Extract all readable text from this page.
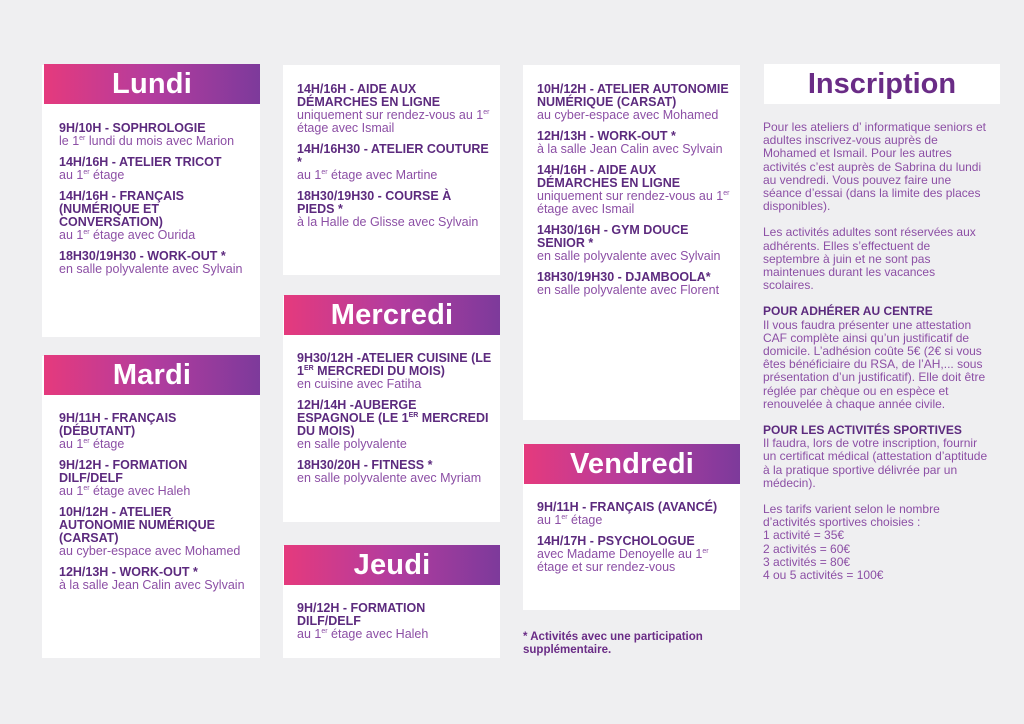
Lundi
9H/10H - SOPHROLOGIE
le 1er lundi du mois avec Marion
14H/16H - ATELIER TRICOT
au 1er étage
14H/16H - FRANÇAIS (NUMÉRIQUE ET CONVERSATION)
au 1er étage avec Ourida
18H30/19H30 - WORK-OUT *
en salle polyvalente avec Sylvain
Mardi
9H/11H - FRANÇAIS (DÉBUTANT)
au 1er étage
9H/12H - FORMATION DILF/DELF
au 1er étage avec Haleh
10H/12H - ATELIER AUTONOMIE NUMÉRIQUE (CARSAT)
au cyber-espace avec Mohamed
12H/13H - WORK-OUT *
à la salle Jean Calin avec Sylvain
14H/16H - AIDE AUX DÉMARCHES EN LIGNE
uniquement sur rendez-vous au 1er étage avec Ismail
14H/16H30 - ATELIER COUTURE *
au 1er étage avec Martine
18H30/19H30 - COURSE À PIEDS *
à la Halle de Glisse avec Sylvain
Mercredi
9H30/12H -ATELIER CUISINE (LE 1ER MERCREDI DU MOIS)
en cuisine avec Fatiha
12H/14H -AUBERGE ESPAGNOLE (LE 1ER MERCREDI DU MOIS)
en salle polyvalente
18H30/20H - FITNESS *
en salle polyvalente avec Myriam
Jeudi
9H/12H - FORMATION DILF/DELF
au 1er étage avec Haleh
10H/12H - ATELIER AUTONOMIE NUMÉRIQUE (CARSAT)
au cyber-espace avec Mohamed
12H/13H - WORK-OUT *
à la salle Jean Calin avec Sylvain
14H/16H - AIDE AUX DÉMARCHES EN LIGNE
uniquement sur rendez-vous au 1er étage avec Ismail
14H30/16H - GYM DOUCE SENIOR *
en salle polyvalente avec Sylvain
18H30/19H30 - DJAMBOOLA*
en salle polyvalente avec Florent
Vendredi
9H/11H - FRANÇAIS (AVANCÉ)
au 1er étage
14H/17H - PSYCHOLOGUE
avec Madame Denoyelle au 1er étage et sur rendez-vous
* Activités avec une participation supplémentaire.
Inscription

Pour les ateliers d’ informatique seniors et adultes inscrivez-vous auprès de Mohamed et Ismail. Pour les autres activités c’est auprès de Sabrina du lundi au vendredi. Vous pouvez faire une séance d’essai (dans la limite des places disponibles).

Les activités adultes sont réservées aux adhérents. Elles s’effectuent de septembre à juin et ne sont pas maintenues durant les vacances scolaires.

POUR ADHÉRER AU CENTRE
Il vous faudra présenter une attestation CAF complète ainsi qu’un justificatif de domicile. L’adhésion coûte 5€ (2€ si vous êtes bénéficiaire du RSA, de l’AH,... sous présentation d’un justificatif). Elle doit être réglée par chèque ou en espèce et renouvelée à chaque année civile.

POUR LES ACTIVITÉS SPORTIVES
Il faudra, lors de votre inscription, fournir un certificat médical (attestation d’aptitude à la pratique sportive délivrée par un médecin).

Les tarifs varient selon le nombre d’activités sportives choisies :
1 activité = 35€
2 activités = 60€
3 activités = 80€
4 ou 5 activités = 100€
